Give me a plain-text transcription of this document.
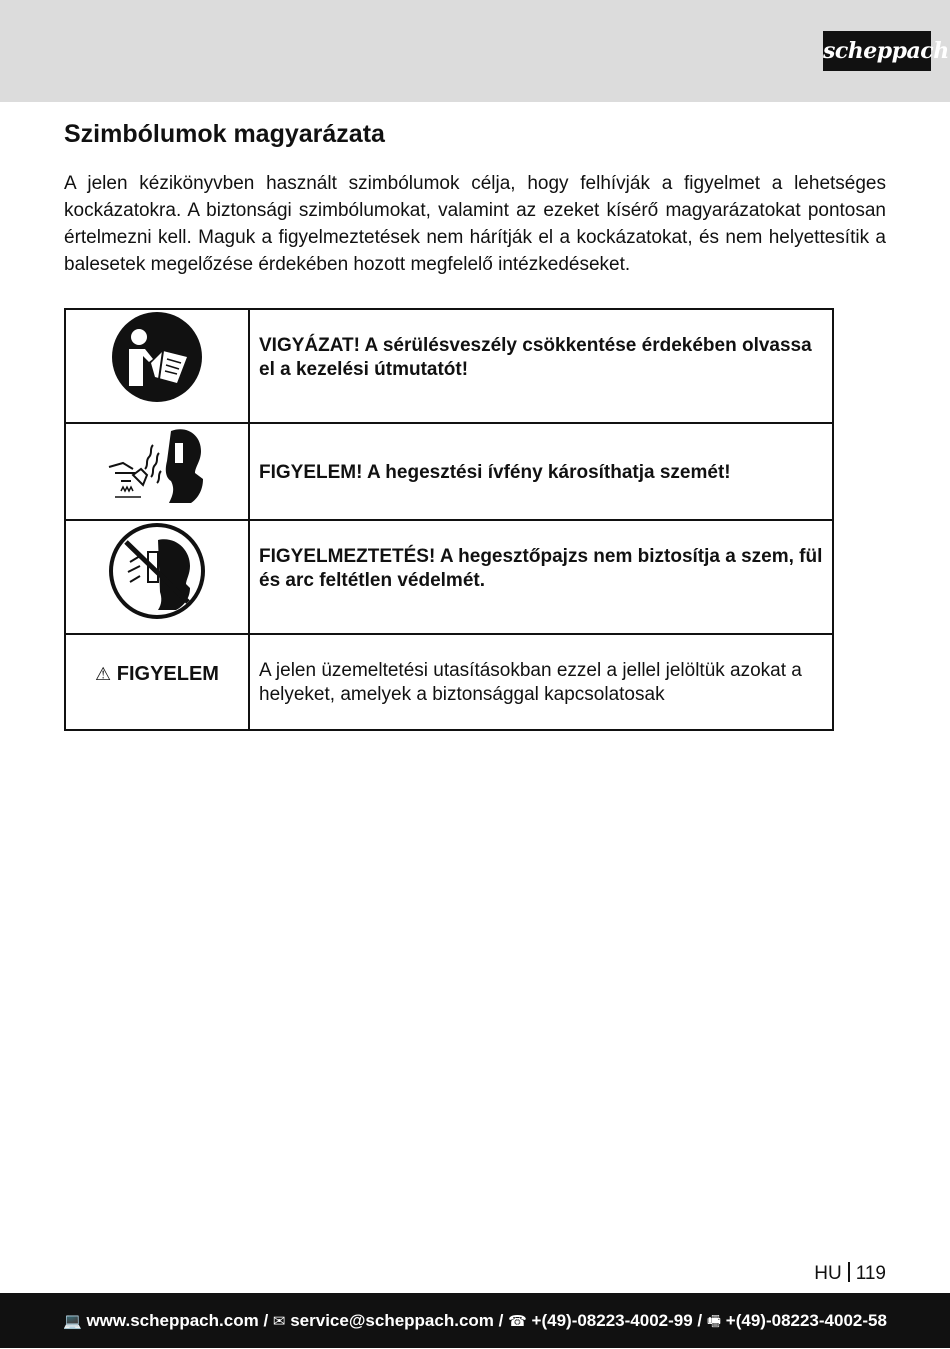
scheppach
Szimbólumok magyarázata

A jelen kézikönyvben használt szimbólumok célja, hogy felhívják a figyelmet a lehetséges kockázatokra. A biztonsági szimbólumokat, valamint az ezeket kísérő magyarázatokat pontosan értelmezni kell. Maguk a figyelmeztetések nem hárítják el a kockázatokat, és nem helyettesítik a balesetek megelőzése érdekében hozott megfelelő intézkedéseket.

	VIGYÁZAT! A sérülésveszély csökkentése érdekében olvassa el a kezelési útmutatót!

	FIGYELEM! A hegesztési ívfény károsíthatja szemét!

	FIGYELMEZTETÉS! A hegesztőpajzs nem biztosítja a szem, fül és arc feltétlen védelmét.
⚠ FIGYELEM	A jelen üzemeltetési utasításokban ezzel a jellel jelöltük azokat a helyeket, amelyek a biztonsággal kapcsolatosak
HU 119
💻 www.scheppach.com / ✉ service@scheppach.com / ☎ +(49)-08223-4002-99 / 🖷 +(49)-08223-4002-58
